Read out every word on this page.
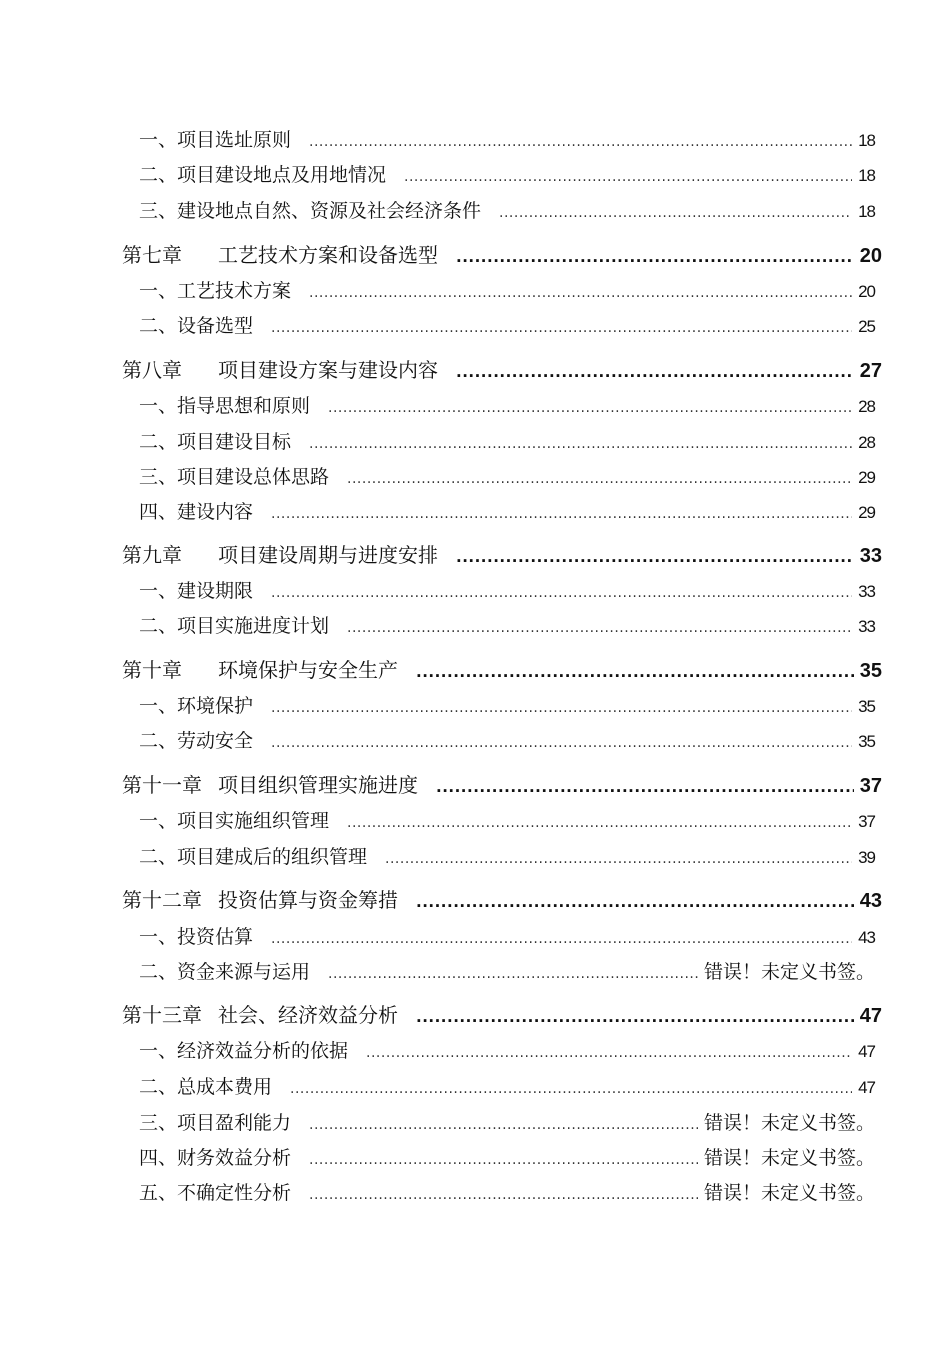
一、 项目选址原则 .....	18
二、 项目建设地点及用地情况 .....	18
三、 建设地点自然、资源及社会经济条件 .....	18
第七章	工艺技术方案和设备选型 .....	20
一、 工艺技术方案 .....	20
二、 设备选型 .....	25
第八章	项目建设方案与建设内容 .....	27
一、 指导思想和原则 .....	28
二、 项目建设目标 .....	28
三、 项目建设总体思路 .....	29
四、 建设内容 .....	29
第九章	项目建设周期与进度安排 .....	33
一、 建设期限 .....	33
二、 项目实施进度计划 .....	33
第十章	环境保护与安全生产 .....	35
一、 环境保护 .....	35
二、 劳动安全 .....	35
第十一章 项目组织管理实施进度 .....	37
一、 项目实施组织管理 .....	37
二、 项目建成后的组织管理 .....	39
第十二章 投资估算与资金筹措 .....	43
一、 投资估算 .....	43
二、 资金来源与运用 .....	错误！未定义书签。
第十三章 社会、经济效益分析 .....	47
一、 经济效益分析的依据 .....	47
二、 总成本费用 .....	47
三、 项目盈利能力 .....	错误！未定义书签。
四、 财务效益分析 .....	错误！未定义书签。
五、 不确定性分析 .....	错误！未定义书签。
